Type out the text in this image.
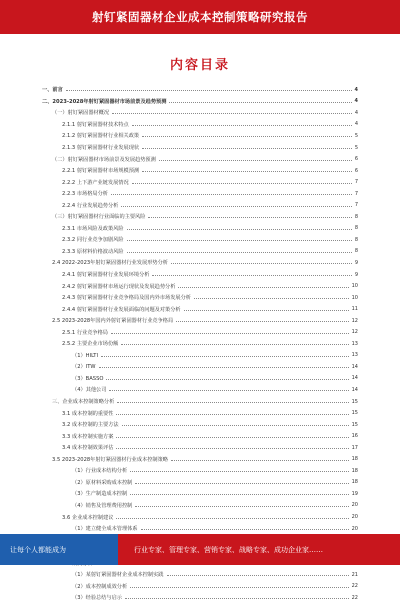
射钉紧固器材企业成本控制策略研究报告
内容目录
一、前言	4
二、2023-2028年射钉紧固器材市场前景及趋势预测	4
（一）射钉紧固器材概况	4
2.1.1 射钉紧固器材技术特点	4
2.1.2 射钉紧固器材行业相关政策	5
2.1.3 射钉紧固器材行业发展现状	5
（二）射钉紧固器材市场前景及发展趋势预测	6
2.2.1 射钉紧固器材市场规模预测	6
2.2.2 上下游产业链发展情况	7
2.2.3 市场格局分析	7
2.2.4 行业发展趋势分析	7
（三）射钉紧固器材行业面临的主要风险	8
2.3.1 市场风险及政策风险	8
2.3.2 同行业竞争加剧风险	8
2.3.3 原材料价格波动风险	8
2.4 2022-2023年射钉紧固器材行业发展形势分析	9
2.4.1 射钉紧固器材行业发展环境分析	9
2.4.2 射钉紧固器材市场运行现状及发展趋势分析	10
2.4.3 射钉紧固器材行业竞争格局及国内外市场发展分析	10
2.4.4 射钉紧固器材行业发展面临的问题及对策分析	11
2.5 2023-2028年国内外射钉紧固器材行业竞争格局	12
2.5.1 行业竞争格局	12
2.5.2 主要企业市场份额	13
（1）HILTI	13
（2）ITW	14
（3）BASSO	14
（4）其他公司	14
三、企业成本控制策略分析	15
3.1 成本控制的重要性	15
3.2 成本控制的主要方法	15
3.3 成本控制实施方案	16
3.4 成本控制效果评估	17
3.5 2023-2028年射钉紧固器材行业成本控制策略	18
（1）行业成本结构分析	18
（2）原材料采购成本控制	18
（3）生产制造成本控制	19
（4）销售及管理费用控制	20
3.6 企业成本控制建议	20
（1）建立健全成本管理体系	20
（1）某射钉紧固器材企业成本控制实践	21
（2）成本控制成效分析	22
（3）经验总结与启示	22
让每个人都能成为	行业专家、管理专家、营销专家、战略专家、成功企业家……
